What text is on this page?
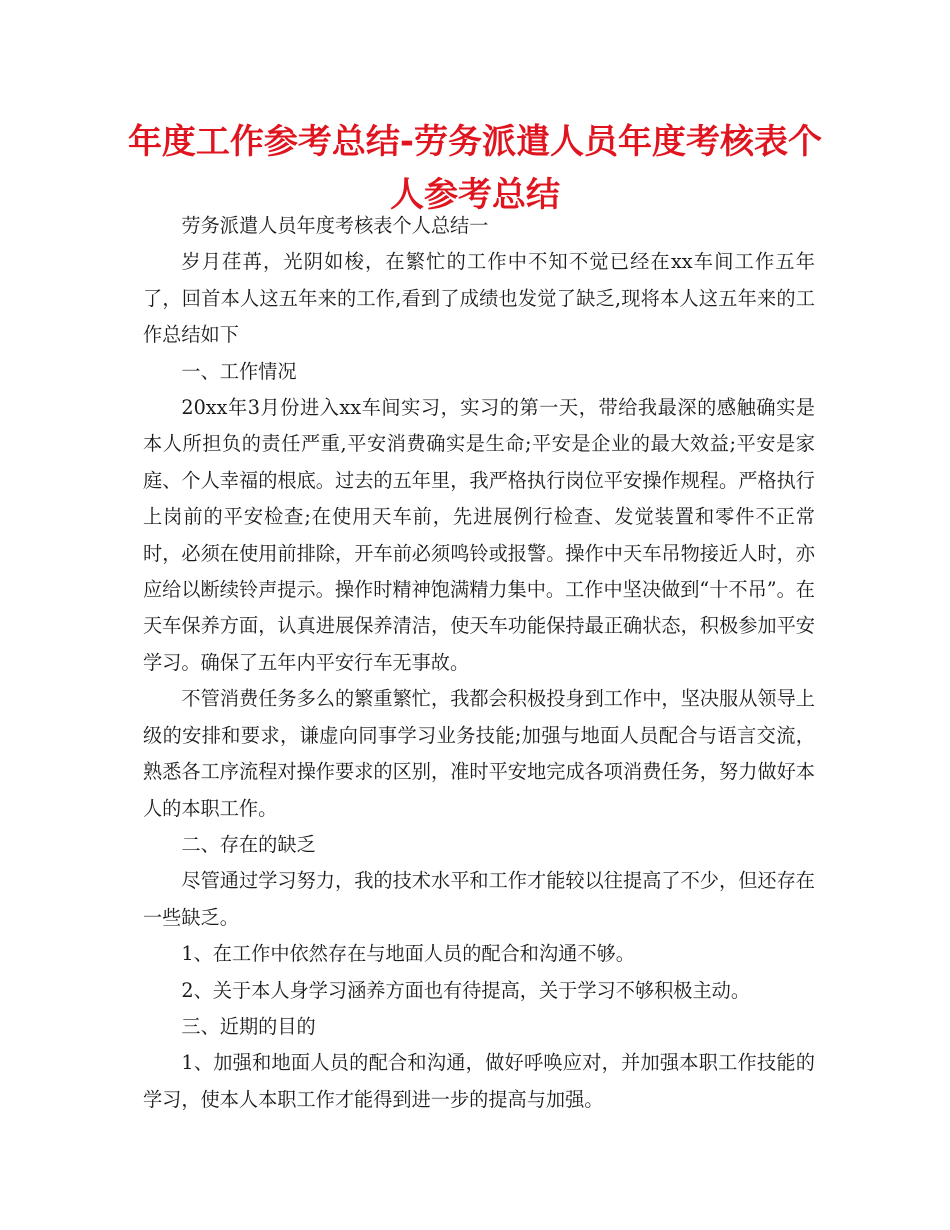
年度工作参考总结-劳务派遣人员年度考核表个人参考总结

劳务派遣人员年度考核表个人总结一

岁月荏苒，光阴如梭，在繁忙的工作中不知不觉已经在xx车间工作五年了，回首本人这五年来的工作,看到了成绩也发觉了缺乏,现将本人这五年来的工作总结如下

一、工作情况

20xx年3月份进入xx车间实习，实习的第一天，带给我最深的感触确实是本人所担负的责任严重,平安消费确实是生命;平安是企业的最大效益;平安是家庭、个人幸福的根底。过去的五年里，我严格执行岗位平安操作规程。严格执行上岗前的平安检查;在使用天车前，先进展例行检查、发觉装置和零件不正常时，必须在使用前排除，开车前必须鸣铃或报警。操作中天车吊物接近人时，亦应给以断续铃声提示。操作时精神饱满精力集中。工作中坚决做到“十不吊”。在天车保养方面，认真进展保养清洁，使天车功能保持最正确状态，积极参加平安学习。确保了五年内平安行车无事故。

不管消费任务多么的繁重繁忙，我都会积极投身到工作中，坚决服从领导上级的安排和要求，谦虚向同事学习业务技能;加强与地面人员配合与语言交流，熟悉各工序流程对操作要求的区别，准时平安地完成各项消费任务，努力做好本人的本职工作。

二、存在的缺乏

尽管通过学习努力，我的技术水平和工作才能较以往提高了不少，但还存在一些缺乏。

1、在工作中依然存在与地面人员的配合和沟通不够。

2、关于本人身学习涵养方面也有待提高，关于学习不够积极主动。

三、近期的目的

1、加强和地面人员的配合和沟通，做好呼唤应对，并加强本职工作技能的学习，使本人本职工作才能得到进一步的提高与加强。
